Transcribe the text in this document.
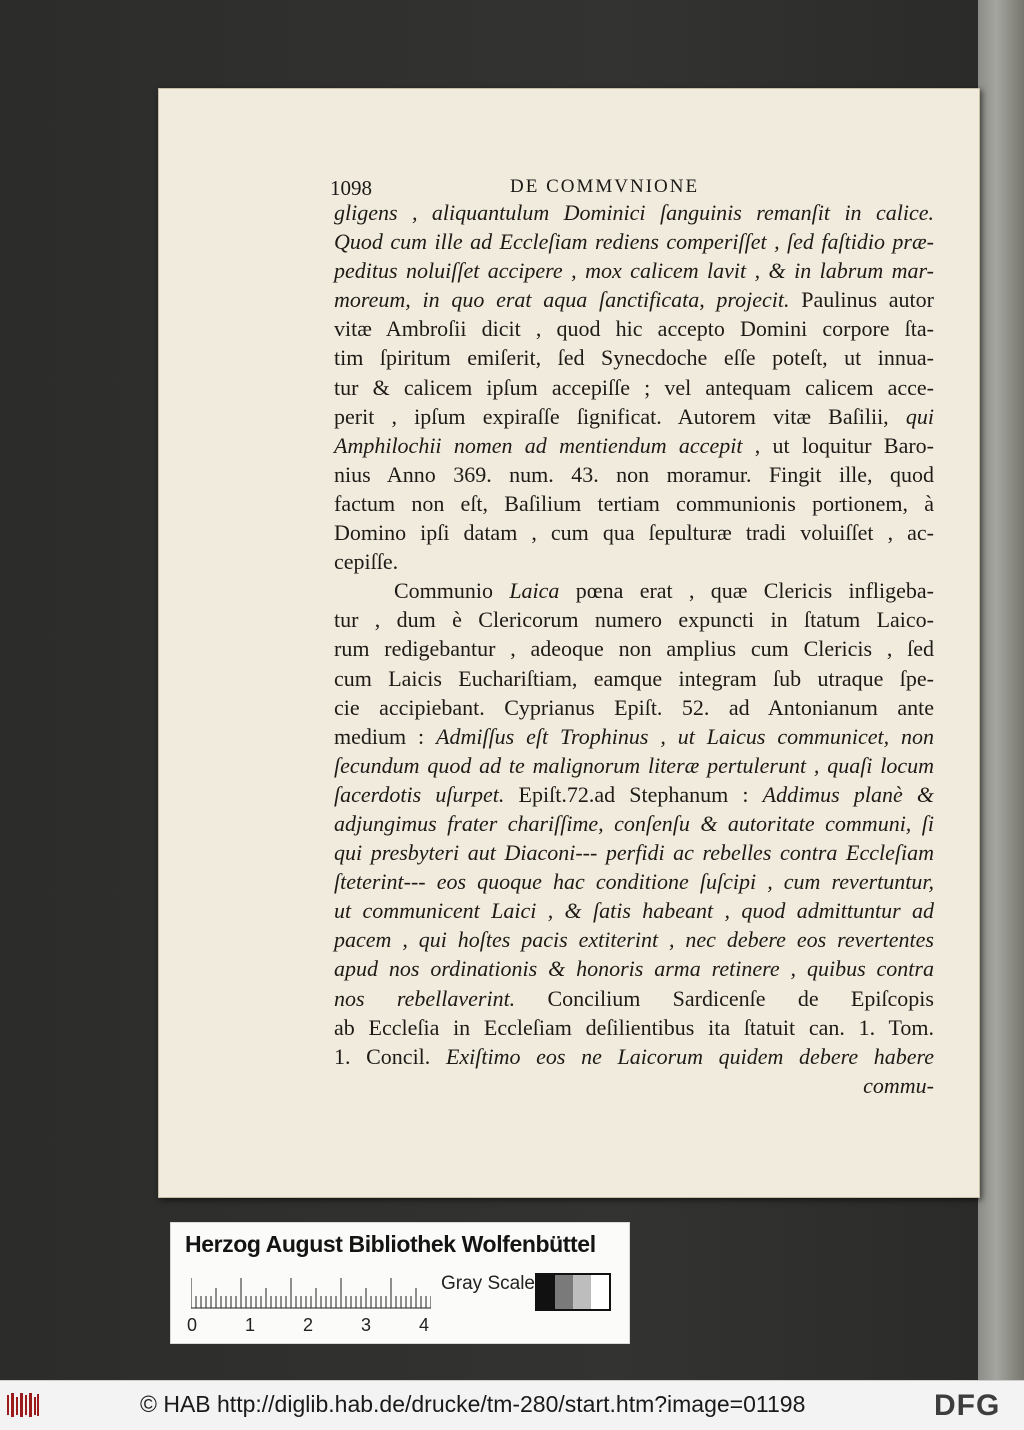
1098	DE COMMVNIONE
gligens , aliquantulum Dominici ſanguinis remanſit in calice.
Quod cum ille ad Eccleſiam rediens comperiſſet , ſed faſtidio præ-
peditus noluiſſet accipere , mox calicem lavit , & in labrum mar-
moreum, in quo erat aqua ſanctificata, projecit. Paulinus autor
vitæ Ambroſii dicit , quod hic accepto Domini corpore ſta-
tim ſpiritum emiſerit, ſed Synecdoche eſſe poteſt, ut innua-
tur & calicem ipſum accepiſſe ; vel antequam calicem acce-
perit , ipſum expiraſſe ſignificat. Autorem vitæ Baſilii, qui
Amphilochii nomen ad mentiendum accepit , ut loquitur Baro-
nius Anno 369. num. 43. non moramur. Fingit ille, quod
factum non eſt, Baſilium tertiam communionis portionem, à
Domino ipſi datam , cum qua ſepulturæ tradi voluiſſet , ac-
cepiſſe.
Communio Laica pœna erat , quæ Clericis infligeba-
tur , dum è Clericorum numero expuncti in ſtatum Laico-
rum redigebantur , adeoque non amplius cum Clericis , ſed
cum Laicis Euchariſtiam, eamque integram ſub utraque ſpe-
cie accipiebant. Cyprianus Epiſt. 52. ad Antonianum ante
medium : Admiſſus eſt Trophinus , ut Laicus communicet, non
ſecundum quod ad te malignorum literæ pertulerunt , quaſi locum
ſacerdotis uſurpet. Epiſt.72.ad Stephanum : Addimus planè &
adjungimus frater chariſſime, conſenſu & autoritate communi, ſi
qui presbyteri aut Diaconi--- perfidi ac rebelles contra Eccleſiam
ſteterint--- eos quoque hac conditione ſuſcipi , cum revertuntur,
ut communicent Laici , & ſatis habeant , quod admittuntur ad
pacem , qui hoſtes pacis extiterint , nec debere eos revertentes
apud nos ordinationis & honoris arma retinere , quibus contra
nos rebellaverint. Concilium Sardicenſe de Epiſcopis
ab Eccleſia in Eccleſiam deſilientibus ita ſtatuit can. 1. Tom.
1. Concil. Exiſtimo eos ne Laicorum quidem debere habere
commu-
Herzog August Bibliothek Wolfenbüttel
0	1	2	3	4
Gray Scale
© HAB http://diglib.hab.de/drucke/tm-280/start.htm?image=01198	DFG
